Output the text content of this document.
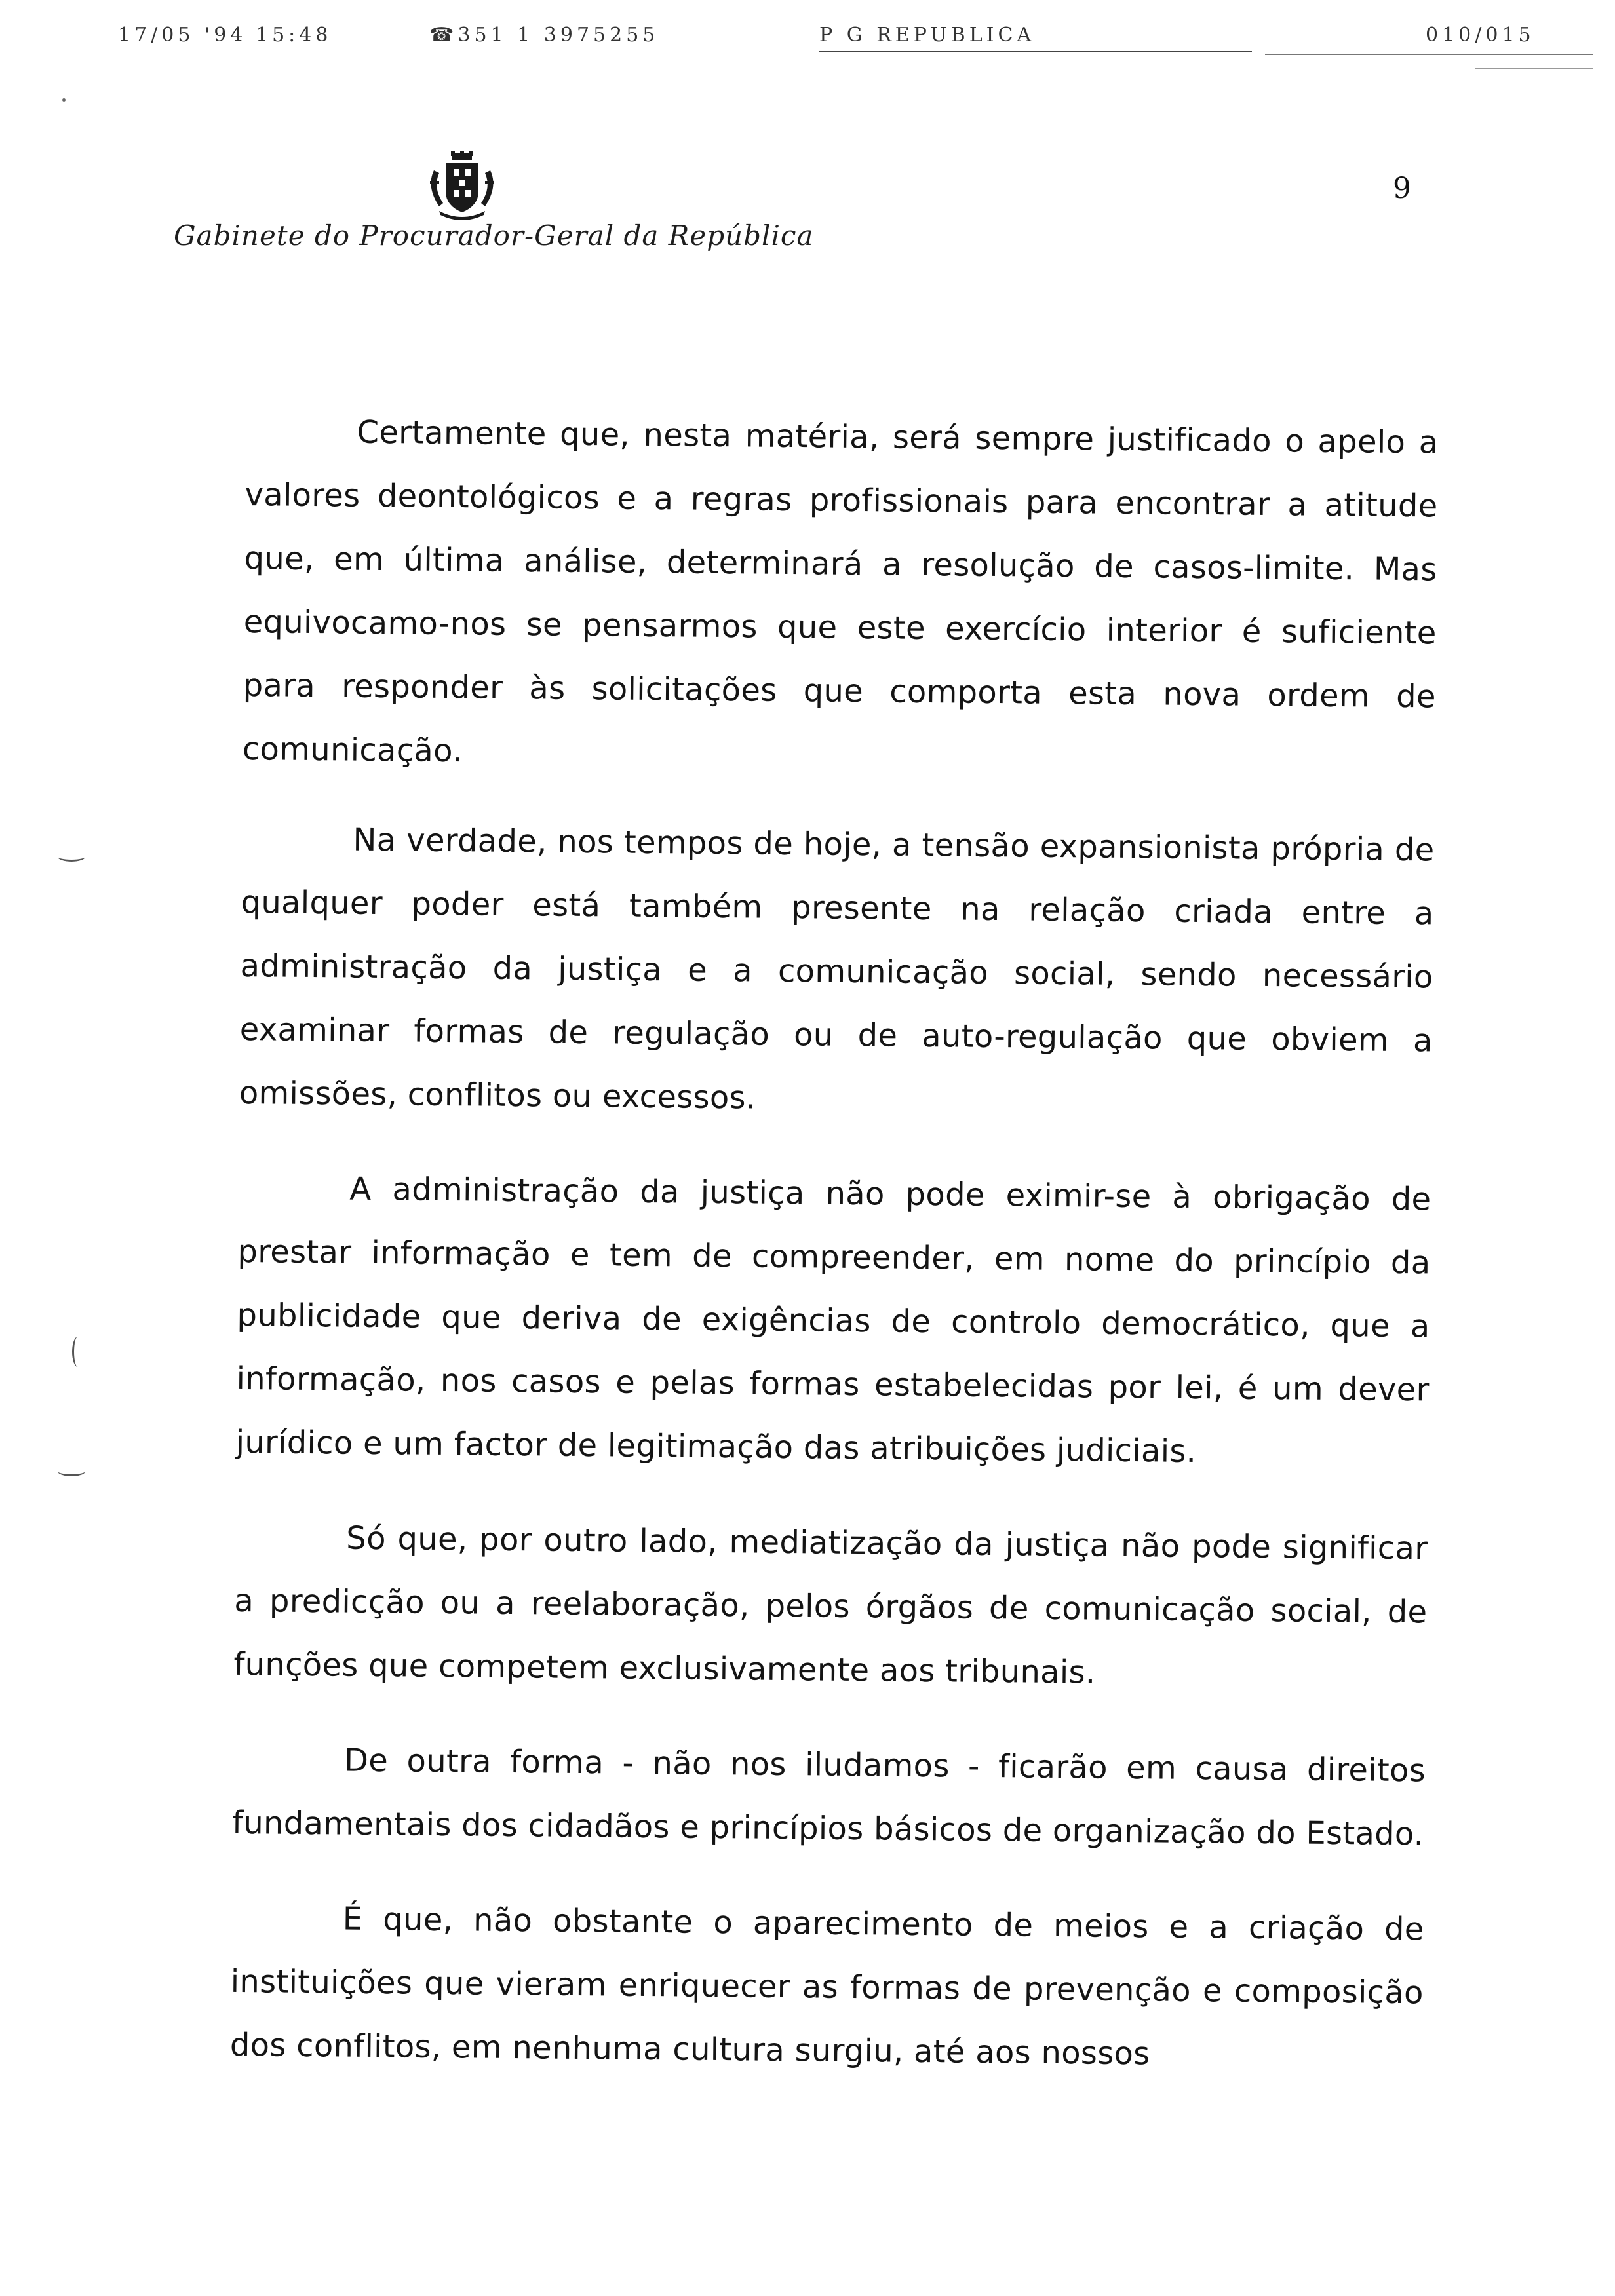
17/05 '94 15:48	☎351 1 3975255	P G REPUBLICA	010/015
Gabinete do Procurador-Geral da República
9

Certamente que, nesta matéria, será sempre justificado o apelo a valores deontológicos e a regras profissionais para encontrar a atitude que, em última análise, determinará a resolução de casos-limite. Mas equivocamo-nos se pensarmos que este exercício interior é suficiente para responder às solicitações que comporta esta nova ordem de comunicação.

Na verdade, nos tempos de hoje, a tensão expansionista própria de qualquer poder está também presente na relação criada entre a administração da justiça e a comunicação social, sendo necessário examinar formas de regulação ou de auto-regulação que obviem a omissões, conflitos ou excessos.

A administração da justiça não pode eximir-se à obrigação de prestar informação e tem de compreender, em nome do princípio da publicidade que deriva de exigências de controlo democrático, que a informação, nos casos e pelas formas estabelecidas por lei, é um dever jurídico e um factor de legitimação das atribuições judiciais.

Só que, por outro lado, mediatização da justiça não pode significar a predicção ou a reelaboração, pelos órgãos de comunicação social, de funções que competem exclusivamente aos tribunais.

De outra forma - não nos iludamos - ficarão em causa direitos fundamentais dos cidadãos e princípios básicos de organização do Estado.

É que, não obstante o aparecimento de meios e a criação de instituições que vieram enriquecer as formas de prevenção e composição dos conflitos, em nenhuma cultura surgiu, até aos nossos
